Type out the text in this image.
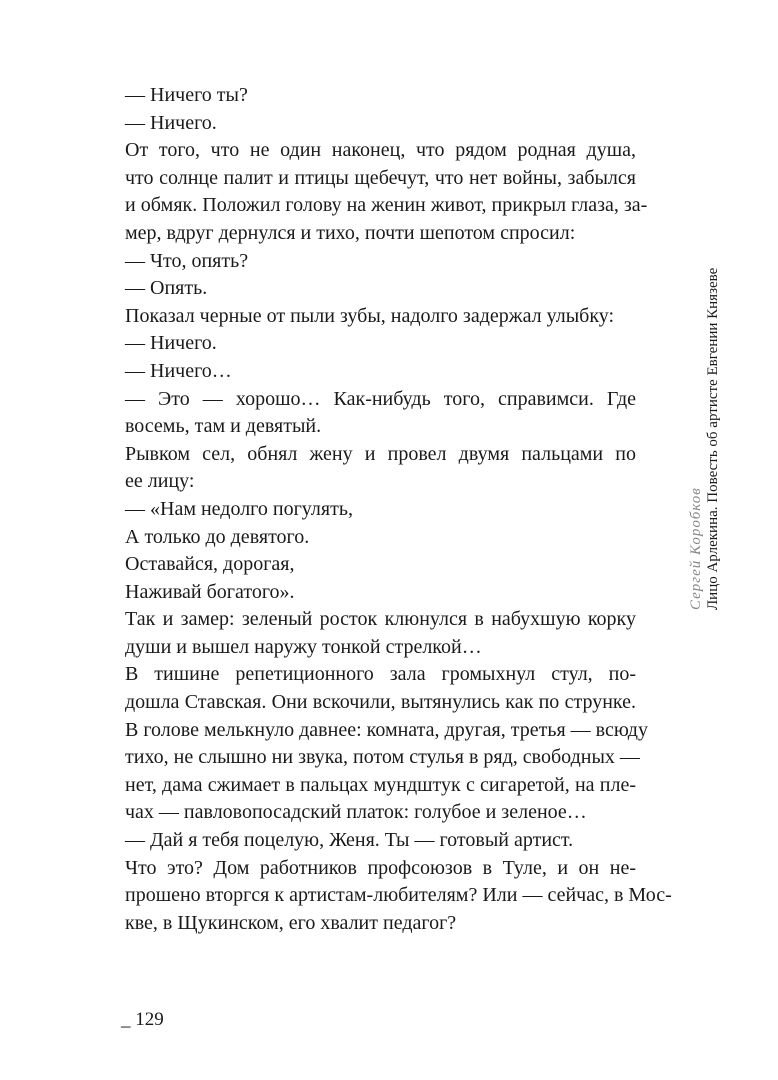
— Ничего ты?

— Ничего.

От того, что не один наконец, что рядом родная душа,
что солнце палит и птицы щебечут, что нет войны, забылся
и обмяк. Положил голову на женин живот, прикрыл глаза, за-
мер, вдруг дернулся и тихо, почти шепотом спросил:

— Что, опять?

— Опять.

Показал черные от пыли зубы, надолго задержал улыбку:

— Ничего.

— Ничего…

— Это — хорошо… Как-нибудь того, справимси. Где
восемь, там и девятый.

Рывком сел, обнял жену и провел двумя пальцами по
ее лицу:

— «Нам недолго погулять,

А только до девятого.

Оставайся, дорогая,

Наживай богатого».

Так и замер: зеленый росток клюнулся в набухшую корку
души и вышел наружу тонкой стрелкой…

В тишине репетиционного зала громыхнул стул, по-
дошла Ставская. Они вскочили, вытянулись как по струнке.
В голове мелькнуло давнее: комната, другая, третья — всюду
тихо, не слышно ни звука, потом стулья в ряд, свободных —
нет, дама сжимает в пальцах мундштук с сигаретой, на пле-
чах — павловопосадский платок: голубое и зеленое…

— Дай я тебя поцелую, Женя. Ты — готовый артист.

Что это? Дом работников профсоюзов в Туле, и он не-
прошено вторгся к артистам-любителям? Или — сейчас, в Мос-
кве, в Щукинском, его хвалит педагог?

Сергей Коробков Лицо Арлекина. Повесть об артисте Евгении Князеве
_ 129
